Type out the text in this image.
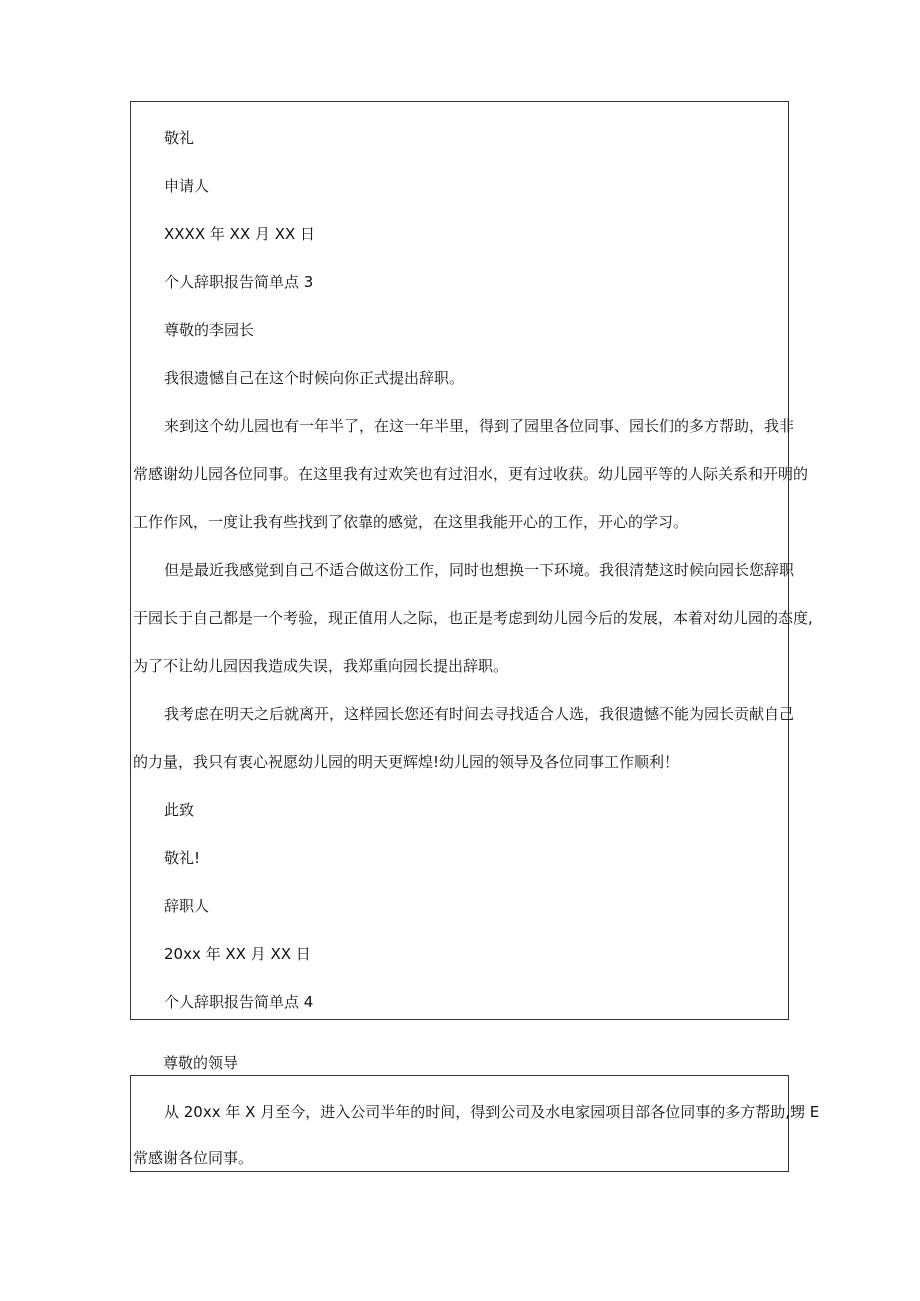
敬礼
申请人
XXXX 年 XX 月 XX 日
个人辞职报告简单点 3
尊敬的李园长
我很遗憾自己在这个时候向你正式提出辞职。
来到这个幼儿园也有一年半了，在这一年半里，得到了园里各位同事、园长们的多方帮助，我非
常感谢幼儿园各位同事。在这里我有过欢笑也有过泪水，更有过收获。幼儿园平等的人际关系和开明的
工作作风，一度让我有些找到了依靠的感觉，在这里我能开心的工作，开心的学习。
但是最近我感觉到自己不适合做这份工作，同时也想换一下环境。我很清楚这时候向园长您辞职
于园长于自己都是一个考验，现正值用人之际，也正是考虑到幼儿园今后的发展，本着对幼儿园的态度,
为了不让幼儿园因我造成失误，我郑重向园长提出辞职。
我考虑在明天之后就离开，这样园长您还有时间去寻找适合人选，我很遗憾不能为园长贡献自己
的力量，我只有衷心祝愿幼儿园的明天更辉煌!幼儿园的领导及各位同事工作顺利！
此致
敬礼!
辞职人
20xx 年 XX 月 XX 日
个人辞职报告简单点 4
尊敬的领导
从 20xx 年 X 月至今，进入公司半年的时间，得到公司及水电家园项目部各位同事的多方帮助,甥 E
常感谢各位同事。
